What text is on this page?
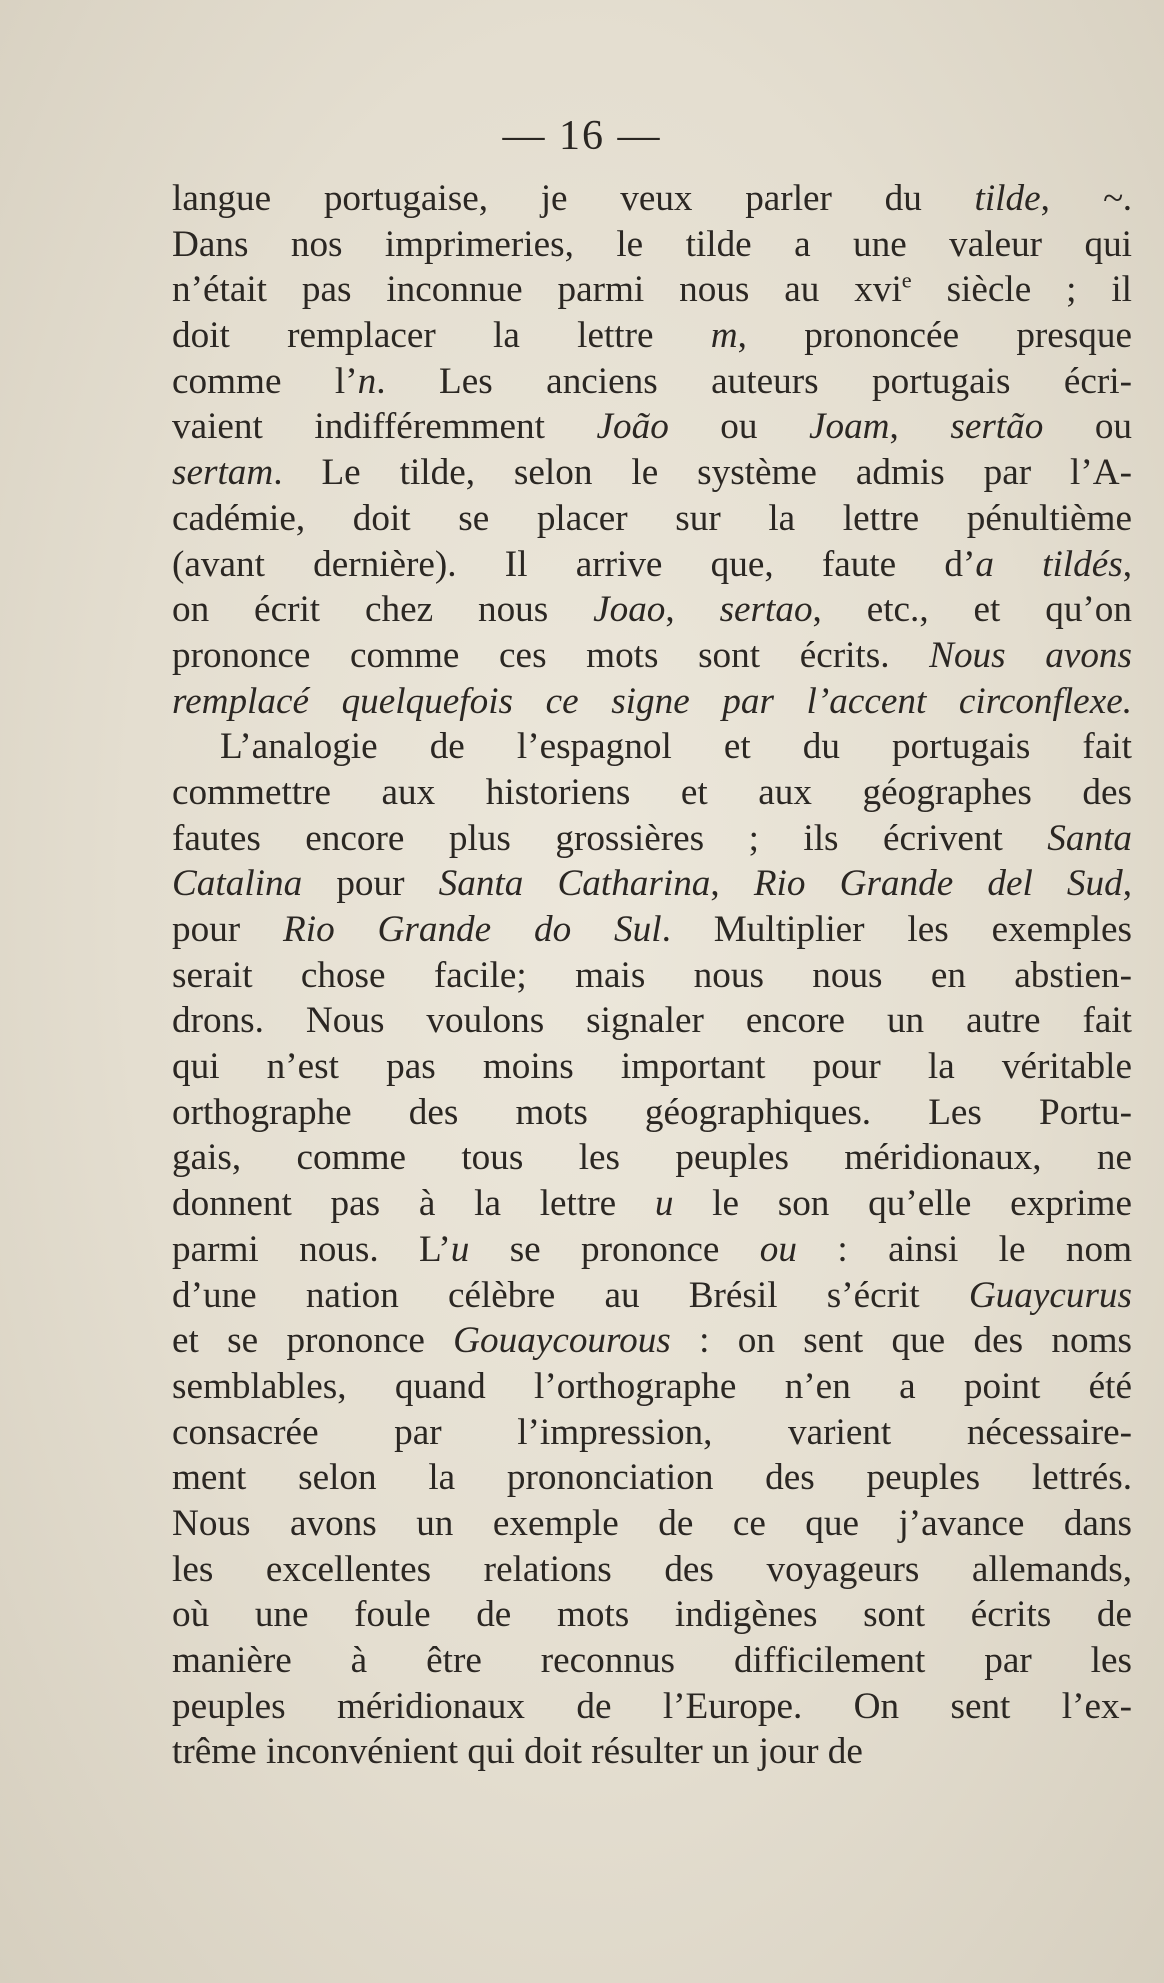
— 16 —
langue portugaise, je veux parler du tilde, ~.
Dans nos imprimeries, le tilde a une valeur qui
n’était pas inconnue parmi nous au xvi$^e$ siècle ; il
doit remplacer la lettre m, prononcée presque
comme l’n. Les anciens auteurs portugais écri-
vaient indifféremment João ou Joam, sertão ou
sertam. Le tilde, selon le système admis par l’A-
cadémie, doit se placer sur la lettre pénultième
(avant dernière). Il arrive que, faute d’a tildés,
on écrit chez nous Joao, sertao, etc., et qu’on
prononce comme ces mots sont écrits. Nous avons
remplacé quelquefois ce signe par l’accent circonflexe.
L’analogie de l’espagnol et du portugais fait
commettre aux historiens et aux géographes des
fautes encore plus grossières ; ils écrivent Santa
Catalina pour Santa Catharina, Rio Grande del Sud,
pour Rio Grande do Sul. Multiplier les exemples
serait chose facile; mais nous nous en abstien-
drons. Nous voulons signaler encore un autre fait
qui n’est pas moins important pour la véritable
orthographe des mots géographiques. Les Portu-
gais, comme tous les peuples méridionaux, ne
donnent pas à la lettre u le son qu’elle exprime
parmi nous. L’u se prononce ou : ainsi le nom
d’une nation célèbre au Brésil s’écrit Guaycurus
et se prononce Gouaycourous : on sent que des noms
semblables, quand l’orthographe n’en a point été
consacrée par l’impression, varient nécessaire-
ment selon la prononciation des peuples lettrés.
Nous avons un exemple de ce que j’avance dans
les excellentes relations des voyageurs allemands,
où une foule de mots indigènes sont écrits de
manière à être reconnus difficilement par les
peuples méridionaux de l’Europe. On sent l’ex-
trême inconvénient qui doit résulter un jour de
